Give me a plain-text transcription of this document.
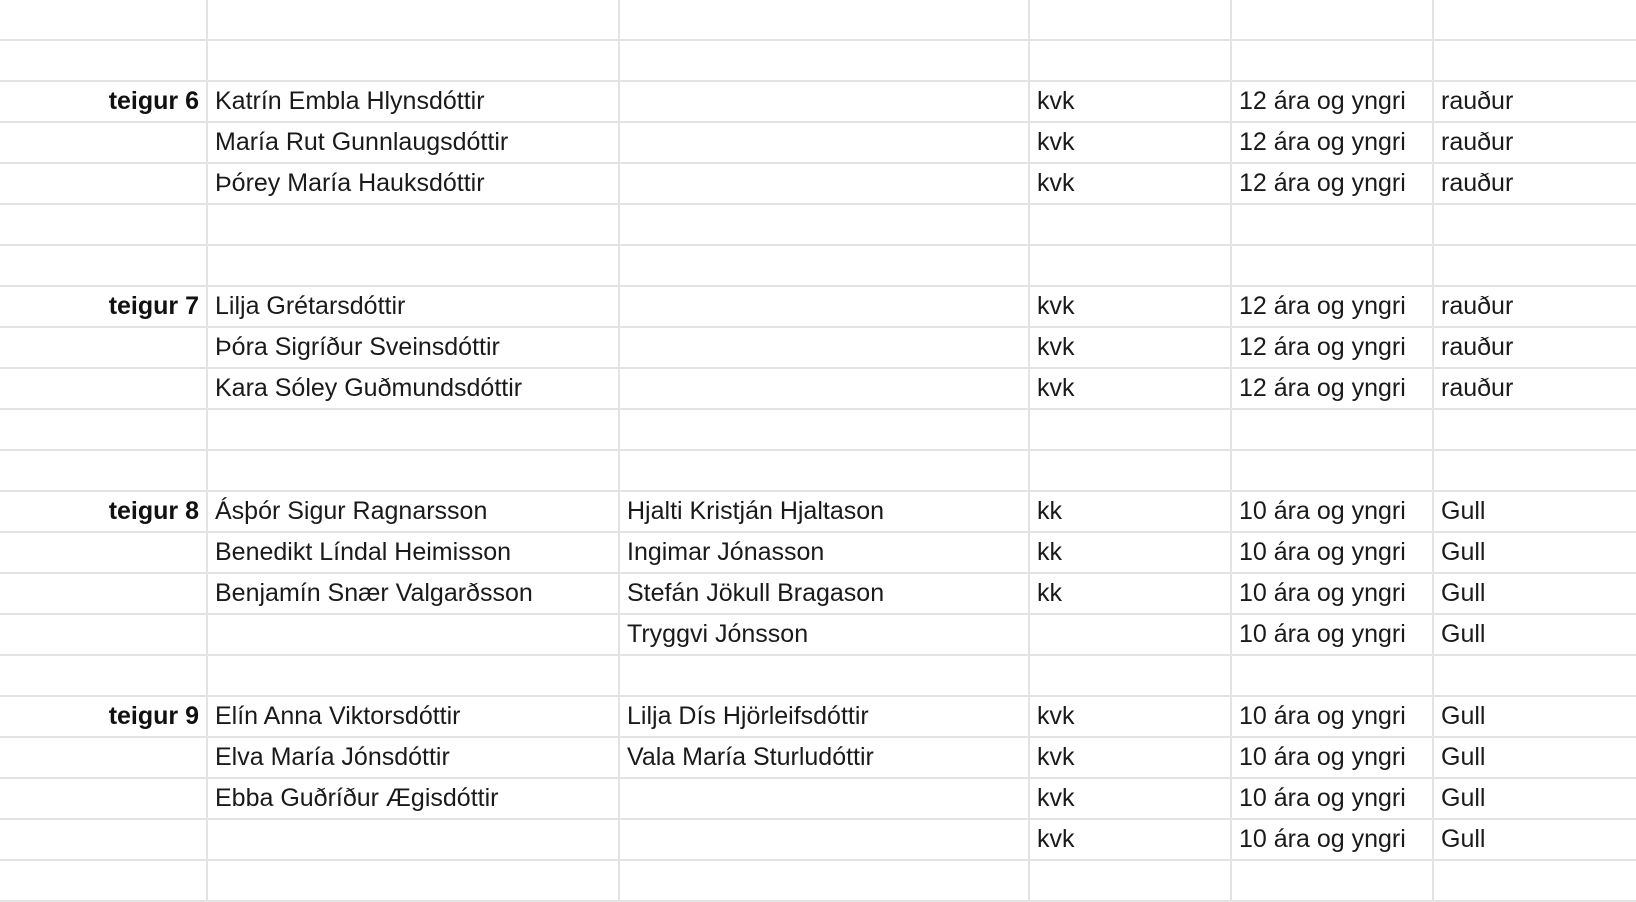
teigur 6	Katrín Embla Hlynsdóttir		kvk	12 ára og yngri	rauður
	María Rut Gunnlaugsdóttir		kvk	12 ára og yngri	rauður
	Þórey María Hauksdóttir		kvk	12 ára og yngri	rauður

teigur 7	Lilja Grétarsdóttir		kvk	12 ára og yngri	rauður
	Þóra Sigríður Sveinsdóttir		kvk	12 ára og yngri	rauður
	Kara Sóley Guðmundsdóttir		kvk	12 ára og yngri	rauður

teigur 8	Ásþór Sigur Ragnarsson	Hjalti Kristján Hjaltason	kk	10 ára og yngri	Gull
	Benedikt Líndal Heimisson	Ingimar Jónasson	kk	10 ára og yngri	Gull
	Benjamín Snær Valgarðsson	Stefán Jökull Bragason	kk	10 ára og yngri	Gull
		Tryggvi Jónsson		10 ára og yngri	Gull

teigur 9	Elín Anna Viktorsdóttir	Lilja Dís Hjörleifsdóttir	kvk	10 ára og yngri	Gull
	Elva María Jónsdóttir	Vala María Sturludóttir	kvk	10 ára og yngri	Gull
	Ebba Guðríður Ægisdóttir		kvk	10 ára og yngri	Gull
			kvk	10 ára og yngri	Gull
